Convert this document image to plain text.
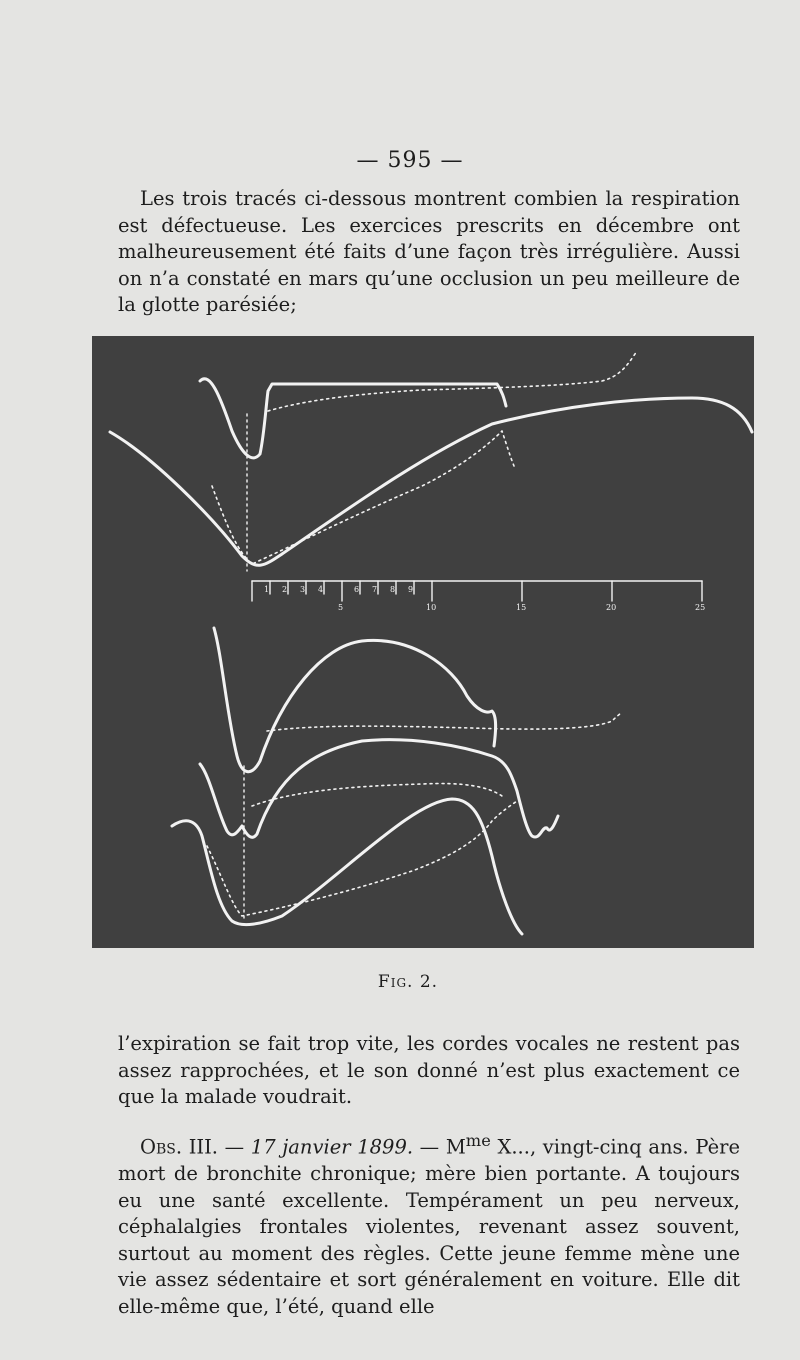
— 595 —

Les trois tracés ci-dessous montrent combien la respiration est défectueuse. Les exercices prescrits en décembre ont malheureusement été faits d’une façon très irrégulière. Aussi on n’a constaté en mars qu’une occlusion un peu meilleure de la glotte parésiée;

1 2 3 4
5
6 7 8 9
10	15	20	25
Fig. 2.

l’expiration se fait trop vite, les cordes vocales ne restent pas assez rapprochées, et le son donné n’est plus exactement ce que la malade voudrait.

Obs. III. — 17 janvier 1899. — $M^{me}$ X..., vingt-cinq ans. Père mort de bronchite chronique; mère bien portante. A toujours eu une santé excellente. Tempérament un peu nerveux, céphalalgies frontales violentes, revenant assez souvent, surtout au moment des règles. Cette jeune femme mène une vie assez sédentaire et sort généralement en voiture. Elle dit elle-même que, l’été, quand elle
